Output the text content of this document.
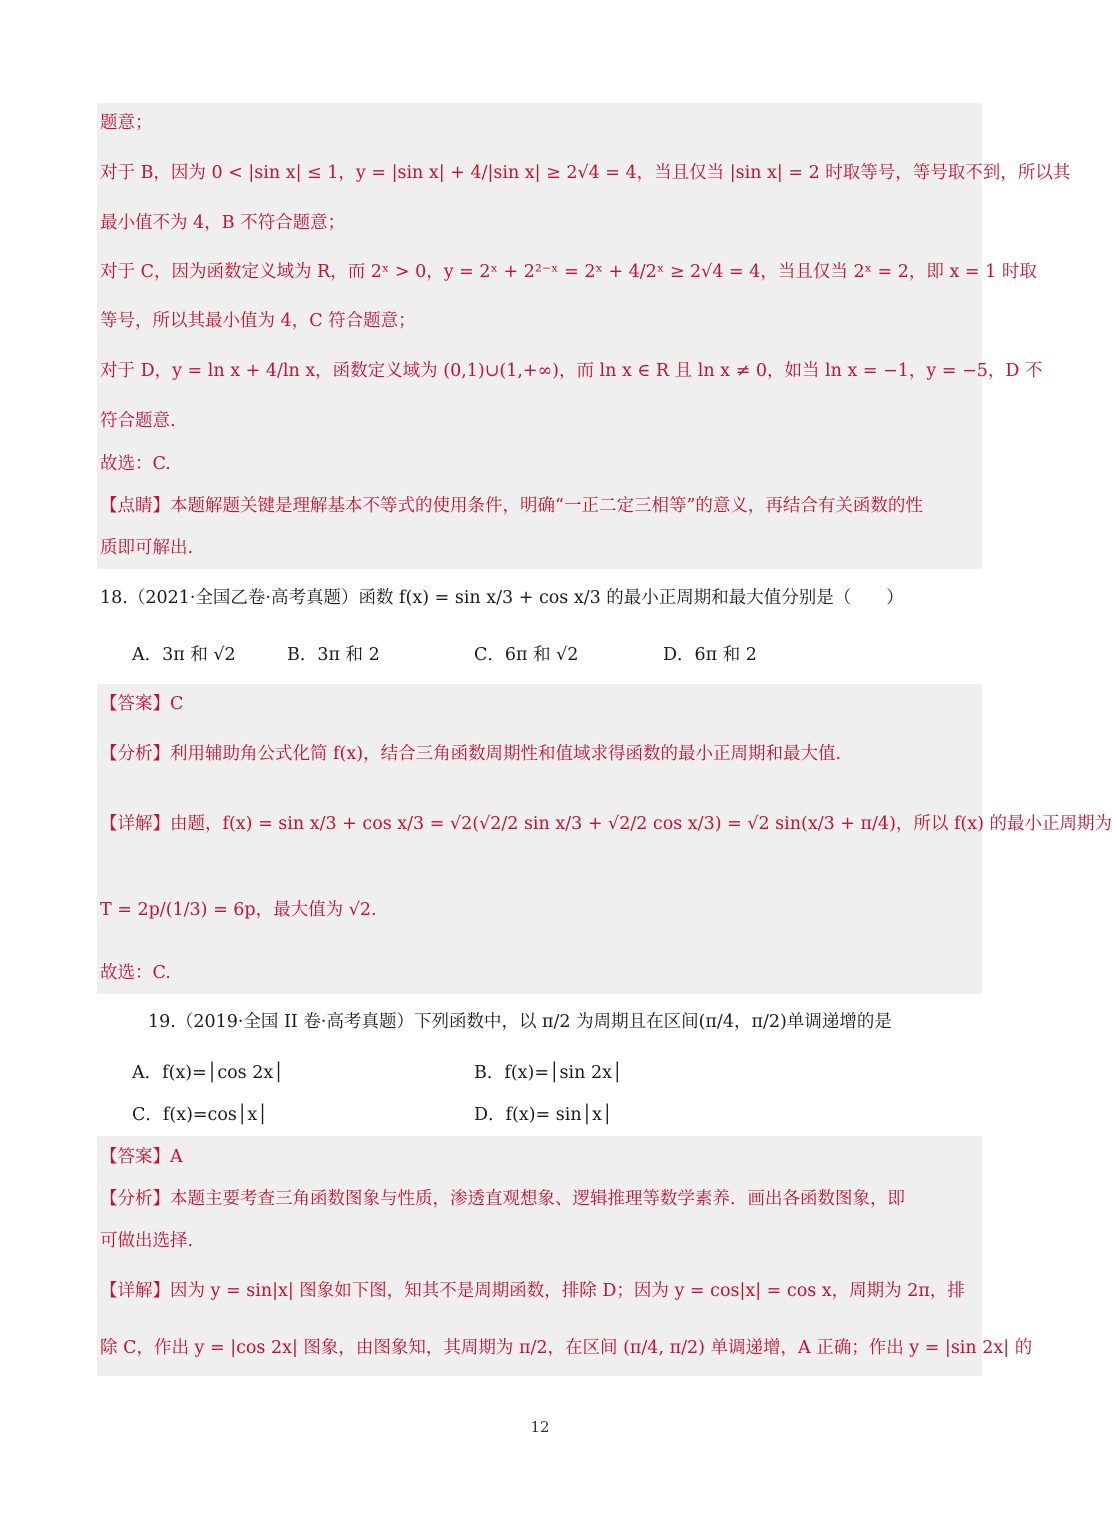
题意；
对于 B，因为 0 < |sin x| ≤ 1，y = |sin x| + 4/|sin x| ≥ 2√4 = 4，当且仅当 |sin x| = 2 时取等号，等号取不到，所以其
最小值不为 4，B 不符合题意；
对于 C，因为函数定义域为 R，而 2ˣ > 0，y = 2ˣ + 2²⁻ˣ = 2ˣ + 4/2ˣ ≥ 2√4 = 4，当且仅当 2ˣ = 2，即 x = 1 时取
等号，所以其最小值为 4，C 符合题意；
对于 D，y = ln x + 4/ln x，函数定义域为 (0,1)∪(1,+∞)，而 ln x ∈ R 且 ln x ≠ 0，如当 ln x = −1，y = −5，D 不
符合题意.
故选：C.
【点睛】本题解题关键是理解基本不等式的使用条件，明确“一正二定三相等”的意义，再结合有关函数的性
质即可解出.
18.（2021·全国乙卷·高考真题）函数 f(x) = sin x/3 + cos x/3 的最小正周期和最大值分别是（　　）
A．3π 和 √2	B．3π 和 2	C．6π 和 √2	D．6π 和 2
【答案】C
【分析】利用辅助角公式化简 f(x)，结合三角函数周期性和值域求得函数的最小正周期和最大值.
【详解】由题，f(x) = sin x/3 + cos x/3 = √2(√2/2 sin x/3 + √2/2 cos x/3) = √2 sin(x/3 + π/4)，所以 f(x) 的最小正周期为
T = 2p/(1/3) = 6p，最大值为 √2.
故选：C.
19.（2019·全国 II 卷·高考真题）下列函数中，以 π/2 为周期且在区间(π/4，π/2)单调递增的是
A．f(x)=│cos 2x│	B．f(x)=│sin 2x│
C．f(x)=cos│x│	D．f(x)= sin│x│
【答案】A
【分析】本题主要考查三角函数图象与性质，渗透直观想象、逻辑推理等数学素养．画出各函数图象，即
可做出选择.
【详解】因为 y = sin|x| 图象如下图，知其不是周期函数，排除 D；因为 y = cos|x| = cos x，周期为 2π，排
除 C，作出 y = |cos 2x| 图象，由图象知，其周期为 π/2，在区间 (π/4, π/2) 单调递增，A 正确；作出 y = |sin 2x| 的
12
